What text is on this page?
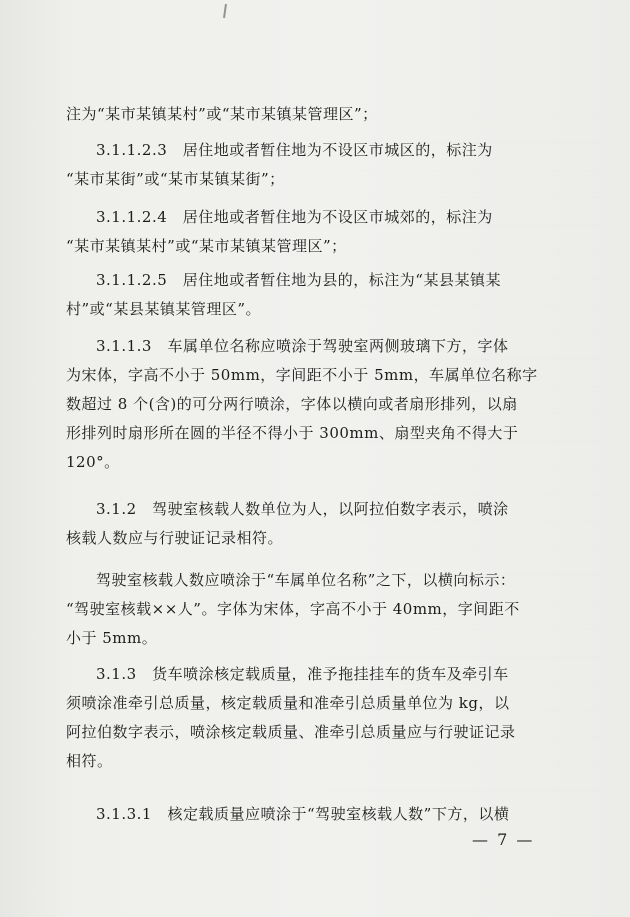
注为“某市某镇某村”或“某市某镇某管理区”；

3.1.1.2.3　居住地或者暂住地为不设区市城区的，标注为
“某市某街”或“某市某镇某街”；

3.1.1.2.4　居住地或者暂住地为不设区市城郊的，标注为
“某市某镇某村”或“某市某镇某管理区”；

3.1.1.2.5　居住地或者暂住地为县的，标注为“某县某镇某
村”或“某县某镇某管理区”。

3.1.1.3　车属单位名称应喷涂于驾驶室两侧玻璃下方，字体
为宋体，字高不小于 50mm，字间距不小于 5mm，车属单位名称字
数超过 8 个(含)的可分两行喷涂，字体以横向或者扇形排列，以扇
形排列时扇形所在圆的半径不得小于 300mm、扇型夹角不得大于
120°。

3.1.2　驾驶室核载人数单位为人，以阿拉伯数字表示，喷涂
核载人数应与行驶证记录相符。

驾驶室核载人数应喷涂于“车属单位名称”之下，以横向标示：
“驾驶室核载××人”。字体为宋体，字高不小于 40mm，字间距不
小于 5mm。

3.1.3　货车喷涂核定载质量，准予拖挂挂车的货车及牵引车
须喷涂准牵引总质量，核定载质量和准牵引总质量单位为 kg，以
阿拉伯数字表示，喷涂核定载质量、准牵引总质量应与行驶证记录
相符。

3.1.3.1　核定载质量应喷涂于“驾驶室核载人数”下方，以横

— 7 —
